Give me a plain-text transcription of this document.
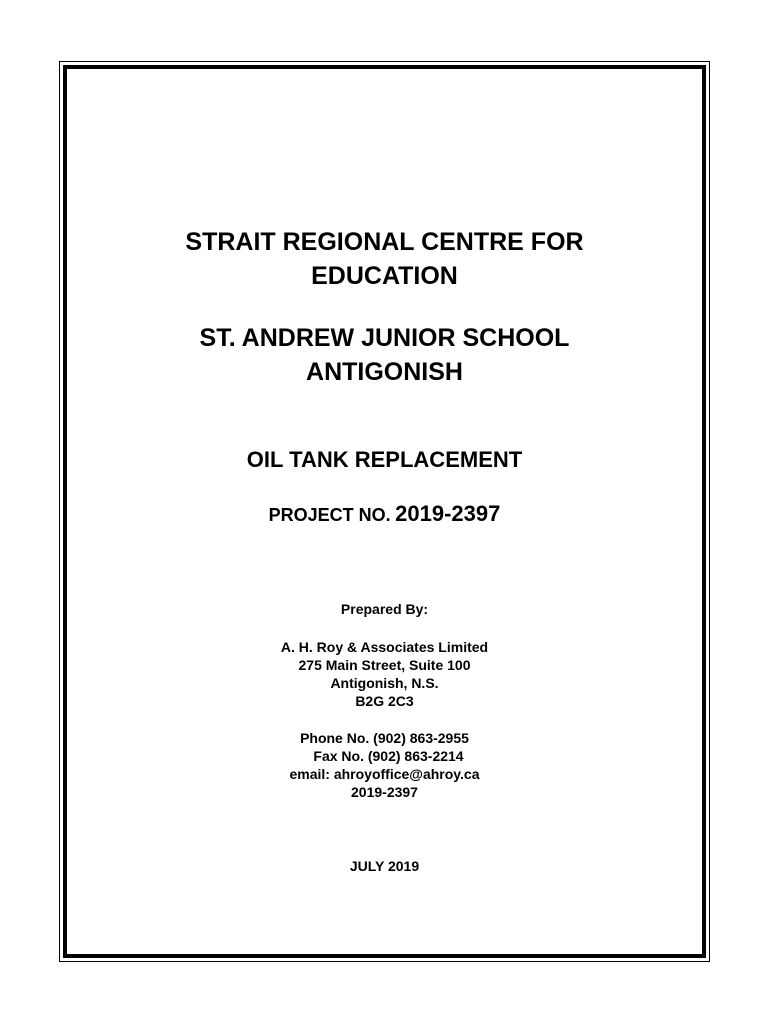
STRAIT REGIONAL CENTRE FOR
EDUCATION
ST. ANDREW JUNIOR SCHOOL
ANTIGONISH
OIL TANK REPLACEMENT
PROJECT NO. 2019-2397
Prepared By:
A. H. Roy & Associates Limited
275 Main Street, Suite 100
Antigonish, N.S.
B2G 2C3
Phone No. (902) 863-2955
Fax No. (902) 863-2214
email: ahroyoffice@ahroy.ca
2019-2397
JULY 2019
